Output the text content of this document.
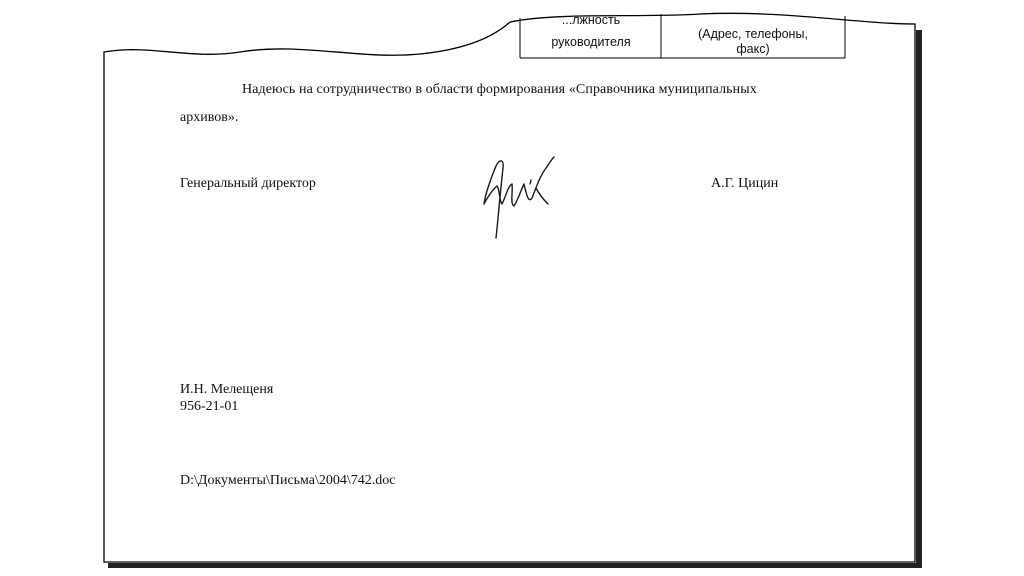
...лжность
руководителя
(Адрес, телефоны,
факс)
Надеюсь на сотрудничество в области формирования «Справочника муниципальных
архивов».
Генеральный директор	А.Г. Цицин
И.Н. Мелещеня
956-21-01
D:\Документы\Письма\2004\742.doc
